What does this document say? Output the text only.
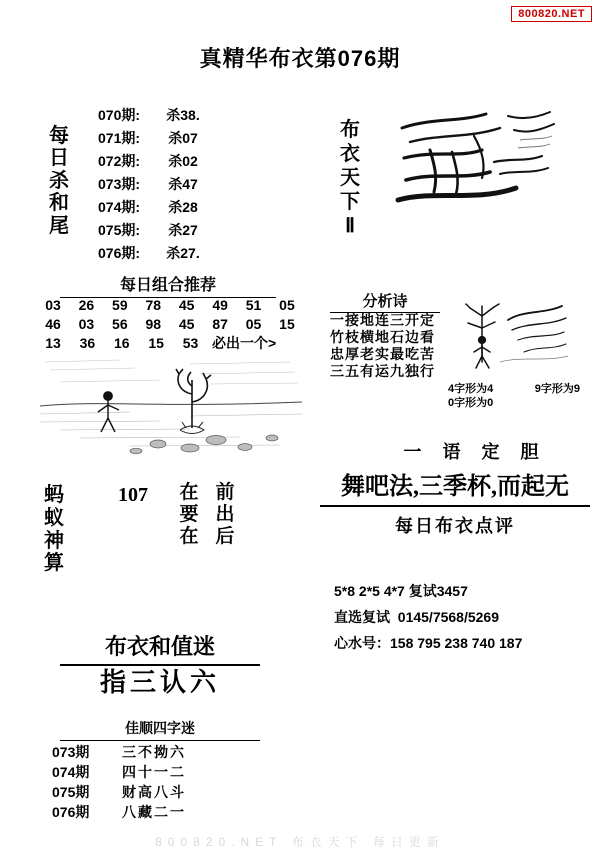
800820.NET
真精华布衣第076期
每日杀和尾
070期: 杀38.
071期: 杀07
072期: 杀02
073期: 杀47
074期: 杀28
075期: 杀27
076期: 杀27.
每日组合推荐
03	26	59	78	45	49	51	05
46	03	56	98	45	87	05	15
13	36	16	15	53 必出一个>
蚂蚁神算
107 在要在
前出后
布衣和值迷
指三认六
佳顺四字迷
073期	三不拗六
074期	四十一二
075期	财高八斗
076期	八藏二一
布衣天下Ⅱ
分析诗
一接地连三开定
竹枝横地石边看
忠厚老实最吃苦
三五有运九独行
4字形为4	9字形为9
0字形为0
一 语 定 胆
舞吧法,三季杯,而起无
每日布衣点评
5*8 2*5 4*7 复试3457
直选复试 0145/7568/5269
心水号：158 795 238 740 187
800820.NET 布衣天下 每日更新
